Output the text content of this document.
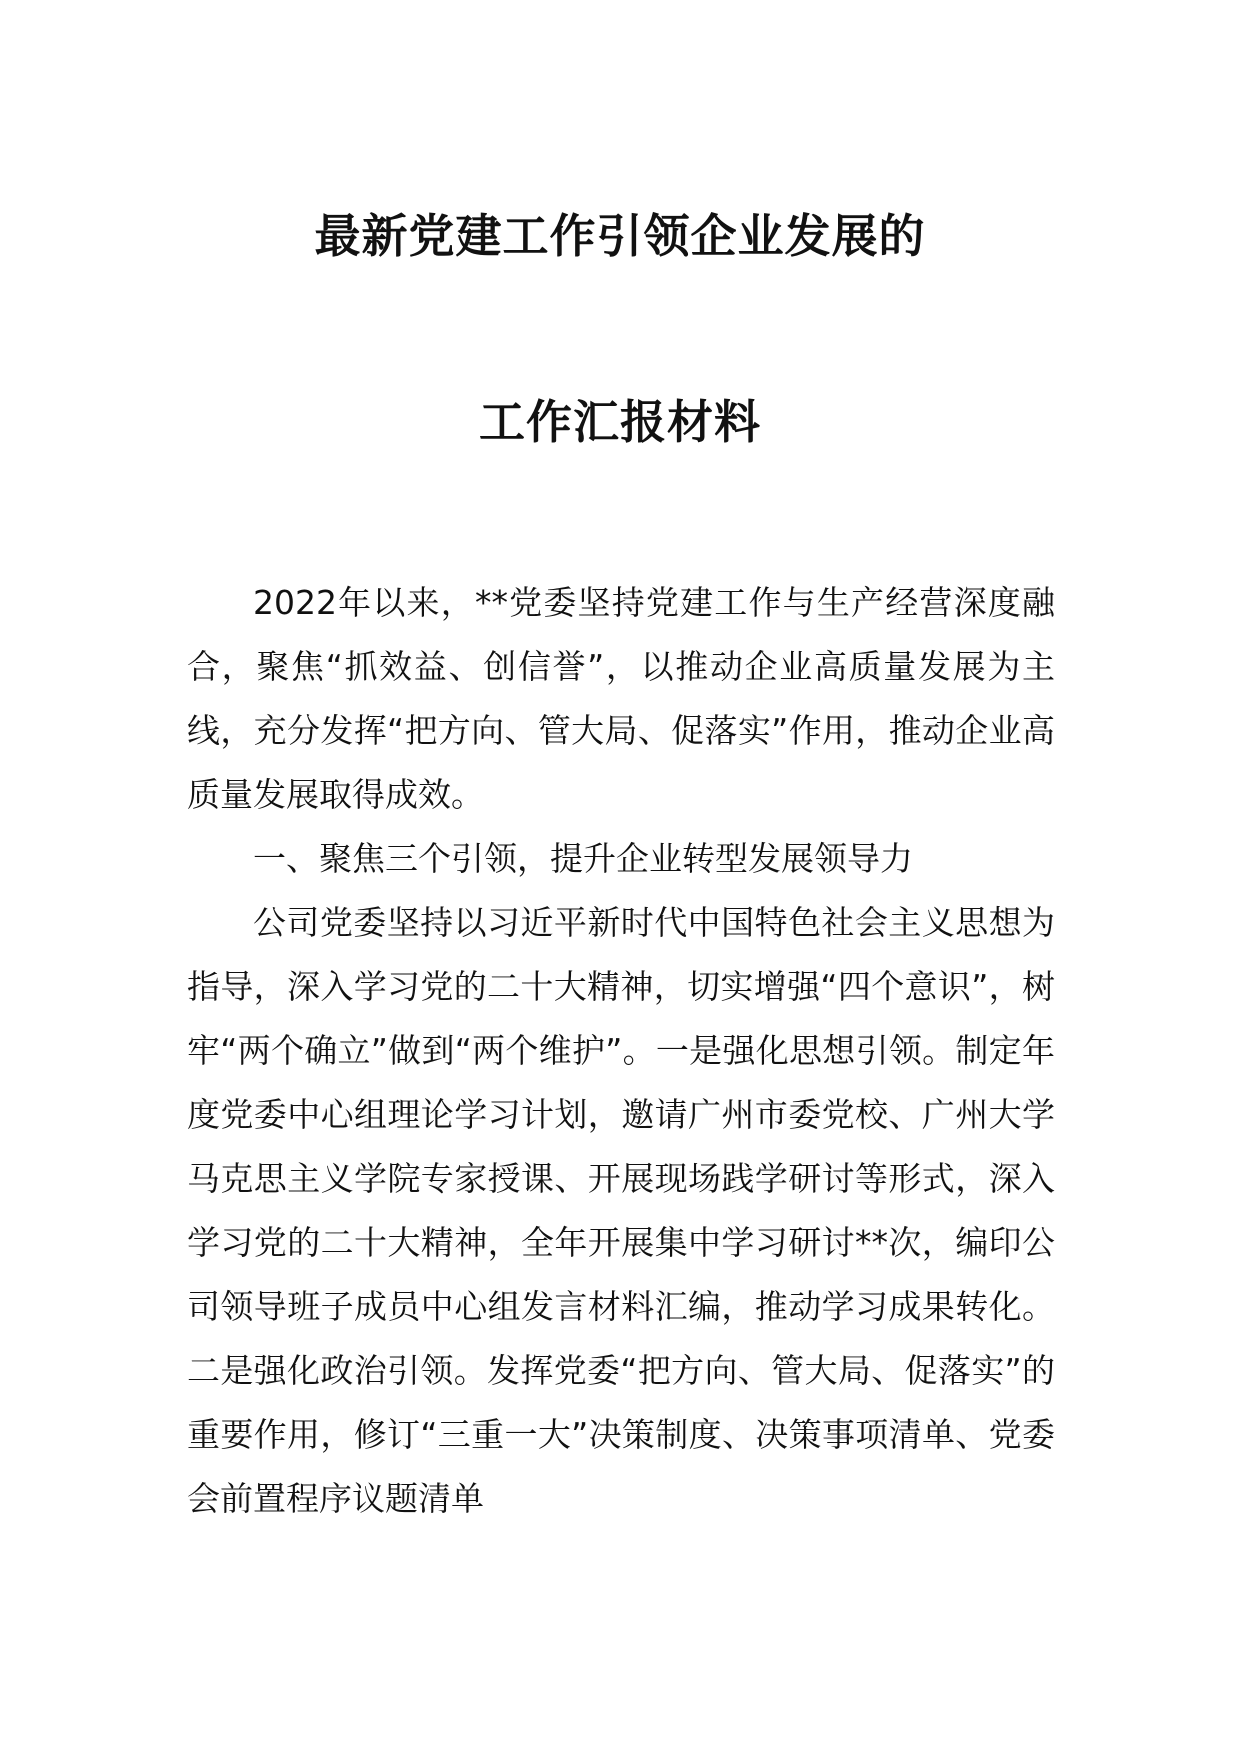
最新党建工作引领企业发展的
工作汇报材料

2022年以来，**党委坚持党建工作与生产经营深度融合，聚焦“抓效益、创信誉”，以推动企业高质量发展为主线，充分发挥“把方向、管大局、促落实”作用，推动企业高质量发展取得成效。

一、聚焦三个引领，提升企业转型发展领导力

公司党委坚持以习近平新时代中国特色社会主义思想为指导，深入学习党的二十大精神，切实增强“四个意识”，树牢“两个确立”做到“两个维护”。一是强化思想引领。制定年度党委中心组理论学习计划，邀请广州市委党校、广州大学马克思主义学院专家授课、开展现场践学研讨等形式，深入学习党的二十大精神，全年开展集中学习研讨**次，编印公司领导班子成员中心组发言材料汇编，推动学习成果转化。二是强化政治引领。发挥党委“把方向、管大局、促落实”的重要作用，修订“三重一大”决策制度、决策事项清单、党委会前置程序议题清单
